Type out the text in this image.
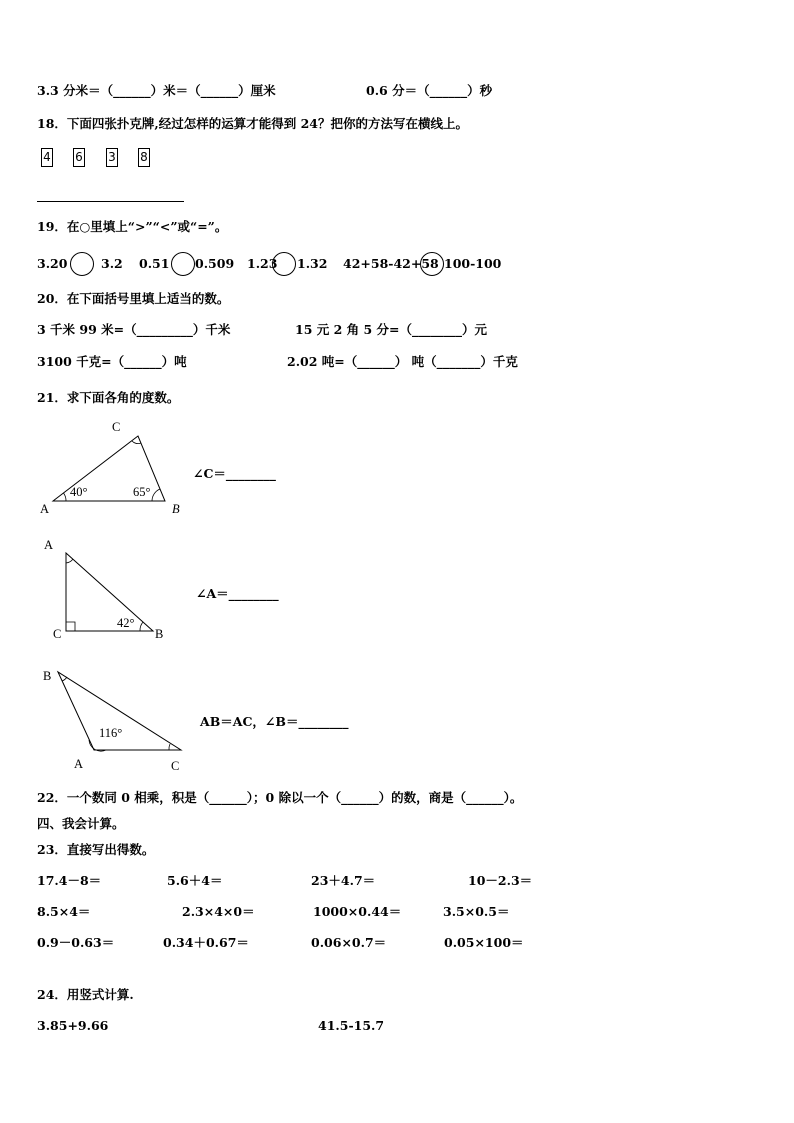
3.3 分米＝（______）米＝（______）厘米	0.6 分＝（______）秒
18．下面四张扑克牌,经过怎样的运算才能得到 24？把你的方法写在横线上。
4 6 3 8
19．在○里填上“>”“<”或“=”。
3.20	3.2 0.51 0.509 1.23 1.32 42+58-42+58 100-100
20．在下面括号里填上适当的数。
3 千米 99 米=（_________）千米	15 元 2 角 5 分=（________）元
3100 千克=（______）吨	2.02 吨=（______） 吨（_______）千克
21．求下面各角的度数。
C
A	B
40°	65°
∠C＝________
A
C	B
42°
∠A＝________
B
A	C
116°
AB＝AC，∠B＝________
22．一个数同 0 相乘，积是（______）；0 除以一个（______）的数，商是（______）。
四、我会计算。
23．直接写出得数。
17.4－8＝	5.6＋4＝	23＋4.7＝	10－2.3＝
8.5×4＝	2.3×4×0＝	1000×0.44＝	3.5×0.5＝
0.9－0.63＝	0.34＋0.67＝	0.06×0.7＝	0.05×100＝
24．用竖式计算.
3.85+9.66	41.5-15.7
